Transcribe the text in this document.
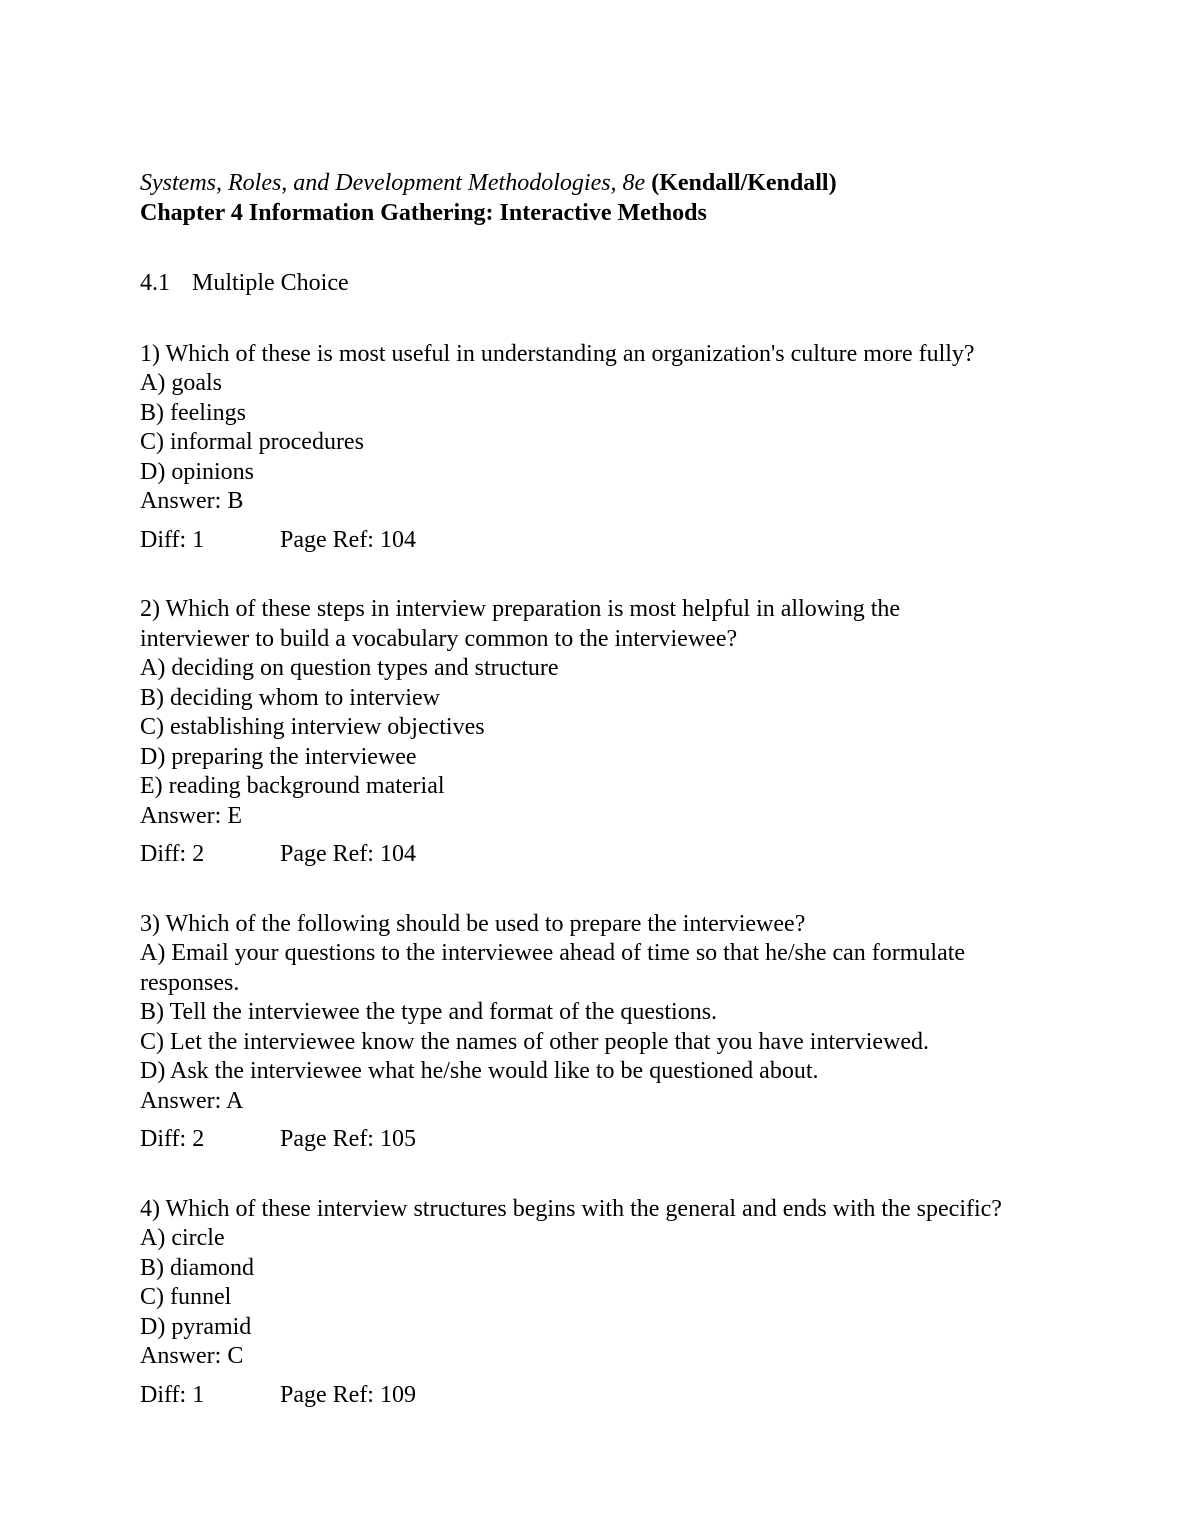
Systems, Roles, and Development Methodologies, 8e (Kendall/Kendall)
Chapter 4 Information Gathering: Interactive Methods
4.1 Multiple Choice
1) Which of these is most useful in understanding an organization's culture more fully?
A) goals
B) feelings
C) informal procedures
D) opinions
Answer: B
Diff: 1	Page Ref: 104
2) Which of these steps in interview preparation is most helpful in allowing the interviewer to build a vocabulary common to the interviewee?
A) deciding on question types and structure
B) deciding whom to interview
C) establishing interview objectives
D) preparing the interviewee
E) reading background material
Answer: E
Diff: 2	Page Ref: 104
3) Which of the following should be used to prepare the interviewee?
A) Email your questions to the interviewee ahead of time so that he/she can formulate responses.
B) Tell the interviewee the type and format of the questions.
C) Let the interviewee know the names of other people that you have interviewed.
D) Ask the interviewee what he/she would like to be questioned about.
Answer: A
Diff: 2	Page Ref: 105
4) Which of these interview structures begins with the general and ends with the specific?
A) circle
B) diamond
C) funnel
D) pyramid
Answer: C
Diff: 1	Page Ref: 109
